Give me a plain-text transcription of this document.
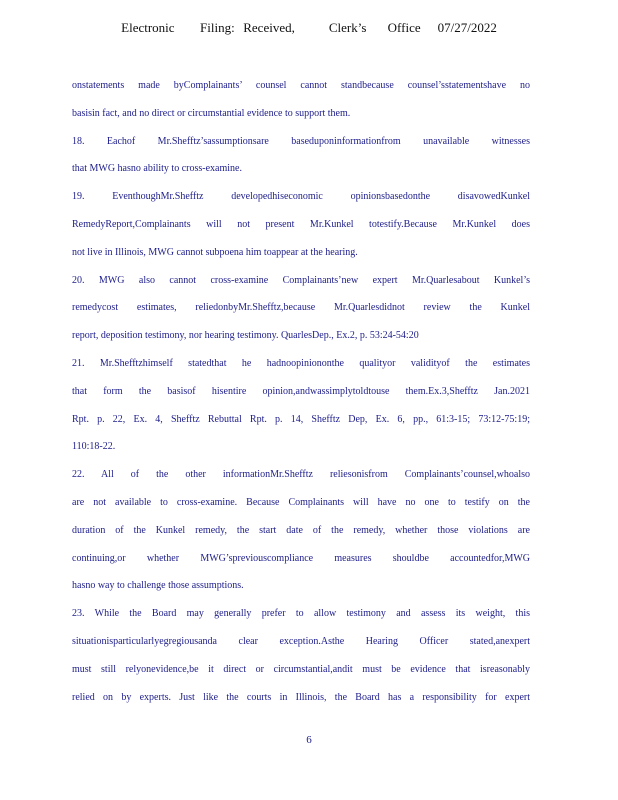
Electronic      Filing:  Received,        Clerk’s     Office    07/27/2022
onstatements made byComplainants’ counsel cannot standbecause counsel’sstatementshave no
basisin fact, and no direct or circumstantial evidence to support them.
18. Eachof Mr.Shefftz’sassumptionsare baseduponinformationfrom unavailable witnesses
that MWG hasno ability to cross-examine.
19. EventhoughMr.Shefftz developedhiseconomic opinionsbasedonthe disavowedKunkel
RemedyReport,Complainants will not present Mr.Kunkel totestify.Because Mr.Kunkel does
not live in Illinois, MWG cannot subpoena him toappear at the hearing.
20. MWG also cannot cross-examine Complainants’new expert Mr.Quarlesabout Kunkel’s
remedycost estimates, reliedonbyMr.Shefftz,because Mr.Quarlesdidnot review the Kunkel
report, deposition testimony, nor hearing testimony. QuarlesDep., Ex.2, p. 53:24-54:20
21. Mr.Shefftzhimself statedthat he hadnoopiniononthe qualityor validityof the estimates
that form the basisof hisentire opinion,andwassimplytoldtouse them.Ex.3,Shefftz Jan.2021
Rpt. p. 22, Ex. 4, Shefftz Rebuttal Rpt. p. 14, Shefftz Dep, Ex. 6, pp., 61:3-15; 73:12-75:19;
110:18-22.
22. All of the other informationMr.Shefftz reliesonisfrom Complainants’counsel,whoalso
are not available to cross-examine. Because Complainants will have no one to testify on the
duration of the Kunkel remedy, the start date of the remedy, whether those violations are
continuing,or whether MWG’spreviouscompliance measures shouldbe accountedfor,MWG
hasno way to challenge those assumptions.
23. While the Board may generally prefer to allow testimony and assess its weight, this
situationisparticularlyegregiousanda clear exception.Asthe Hearing Officer stated,anexpert
must still relyonevidence,be it direct or circumstantial,andit must be evidence that isreasonably
relied on by experts. Just like the courts in Illinois, the Board has a responsibility for expert
6
